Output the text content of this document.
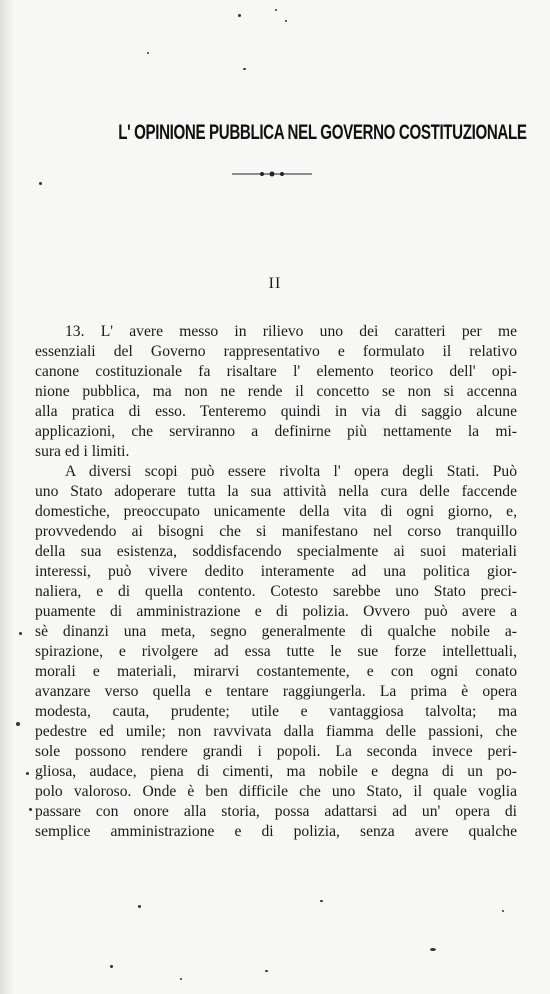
L' OPINIONE PUBBLICA NEL GOVERNO COSTITUZIONALE
II
13. L' avere messo in rilievo uno dei caratteri per me
essenziali del Governo rappresentativo e formulato il relativo
canone costituzionale fa risaltare l' elemento teorico dell' opi-
nione pubblica, ma non ne rende il concetto se non si accenna
alla pratica di esso. Tenteremo quindi in via di saggio alcune
applicazioni, che serviranno a definirne più nettamente la mi-
sura ed i limiti.
A diversi scopi può essere rivolta l' opera degli Stati. Può
uno Stato adoperare tutta la sua attività nella cura delle faccende
domestiche, preoccupato unicamente della vita di ogni giorno, e,
provvedendo ai bisogni che si manifestano nel corso tranquillo
della sua esistenza, soddisfacendo specialmente ai suoi materiali
interessi, può vivere dedito interamente ad una politica gior-
naliera, e di quella contento. Cotesto sarebbe uno Stato preci-
puamente di amministrazione e di polizia. Ovvero può avere a
sè dinanzi una meta, segno generalmente di qualche nobile a-
spirazione, e rivolgere ad essa tutte le sue forze intellettuali,
morali e materiali, mirarvi costantemente, e con ogni conato
avanzare verso quella e tentare raggiungerla. La prima è opera
modesta, cauta, prudente; utile e vantaggiosa talvolta; ma
pedestre ed umile; non ravvivata dalla fiamma delle passioni, che
sole possono rendere grandi i popoli. La seconda invece peri-
gliosa, audace, piena di cimenti, ma nobile e degna di un po-
polo valoroso. Onde è ben difficile che uno Stato, il quale voglia
passare con onore alla storia, possa adattarsi ad un' opera di
semplice amministrazione e di polizia, senza avere qualche
